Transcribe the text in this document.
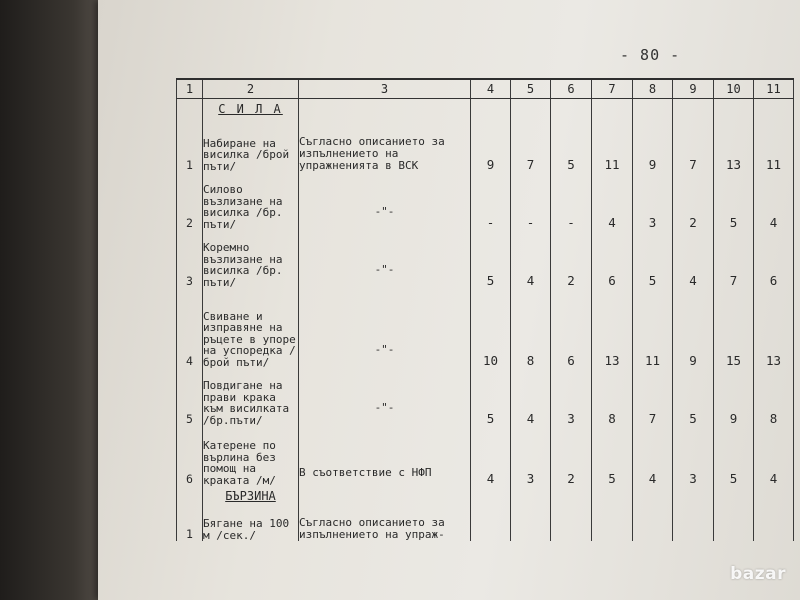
- 80 -
1	2	3	4	5	6	7	8	9	10	11

	С И Л А									

1	Набиране на висилка /брой пъти/	Съгласно описанието за изпълнението на упражненията в ВСК	9	7	5	11	9	7	13	11
2	Силово възлизане на висилка /бр. пъти/	-"-	-	-	-	4	3	2	5	4
3	Коремно възлизане на висилка /бр. пъти/	-"-	5	4	2	6	5	4	7	6
4	Свиване и изправяне на ръцете в упоре на успоредка /брой пъти/	-"-	10	8	6	13	11	9	15	13
5	Повдигане на прави крака към висилката /бр.пъти/	-"-	5	4	3	8	7	5	9	8
6	Катерене по върлина без помощ на краката /м/	В съответствие с НФП	4	3	2	5	4	3	5	4

	БЪРЗИНА									

1	Бягане на 100 м /сек./	Съгласно описанието за изпълнението на упраж-								
bazar
